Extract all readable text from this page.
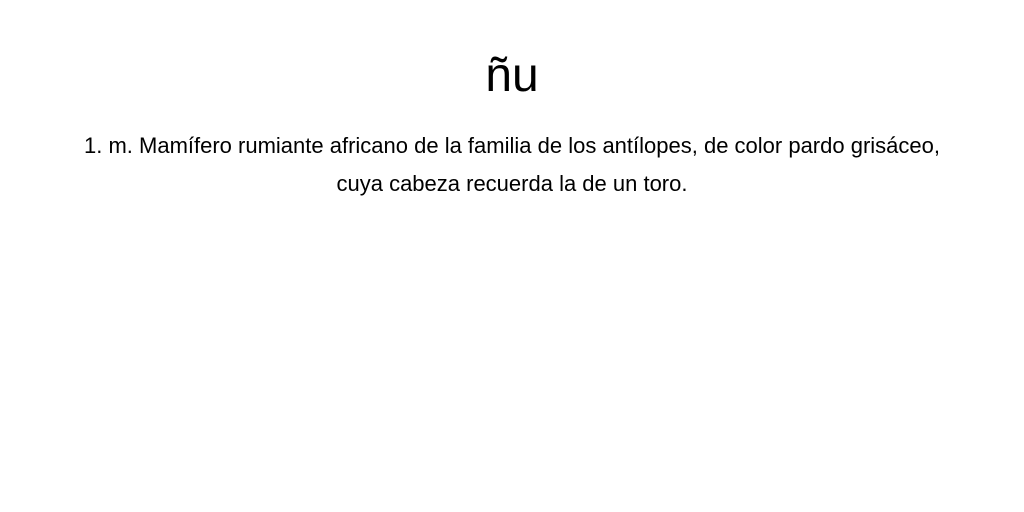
ñu

1. m. Mamífero rumiante africano de la familia de los antílopes, de color pardo grisáceo, cuya cabeza recuerda la de un toro.
